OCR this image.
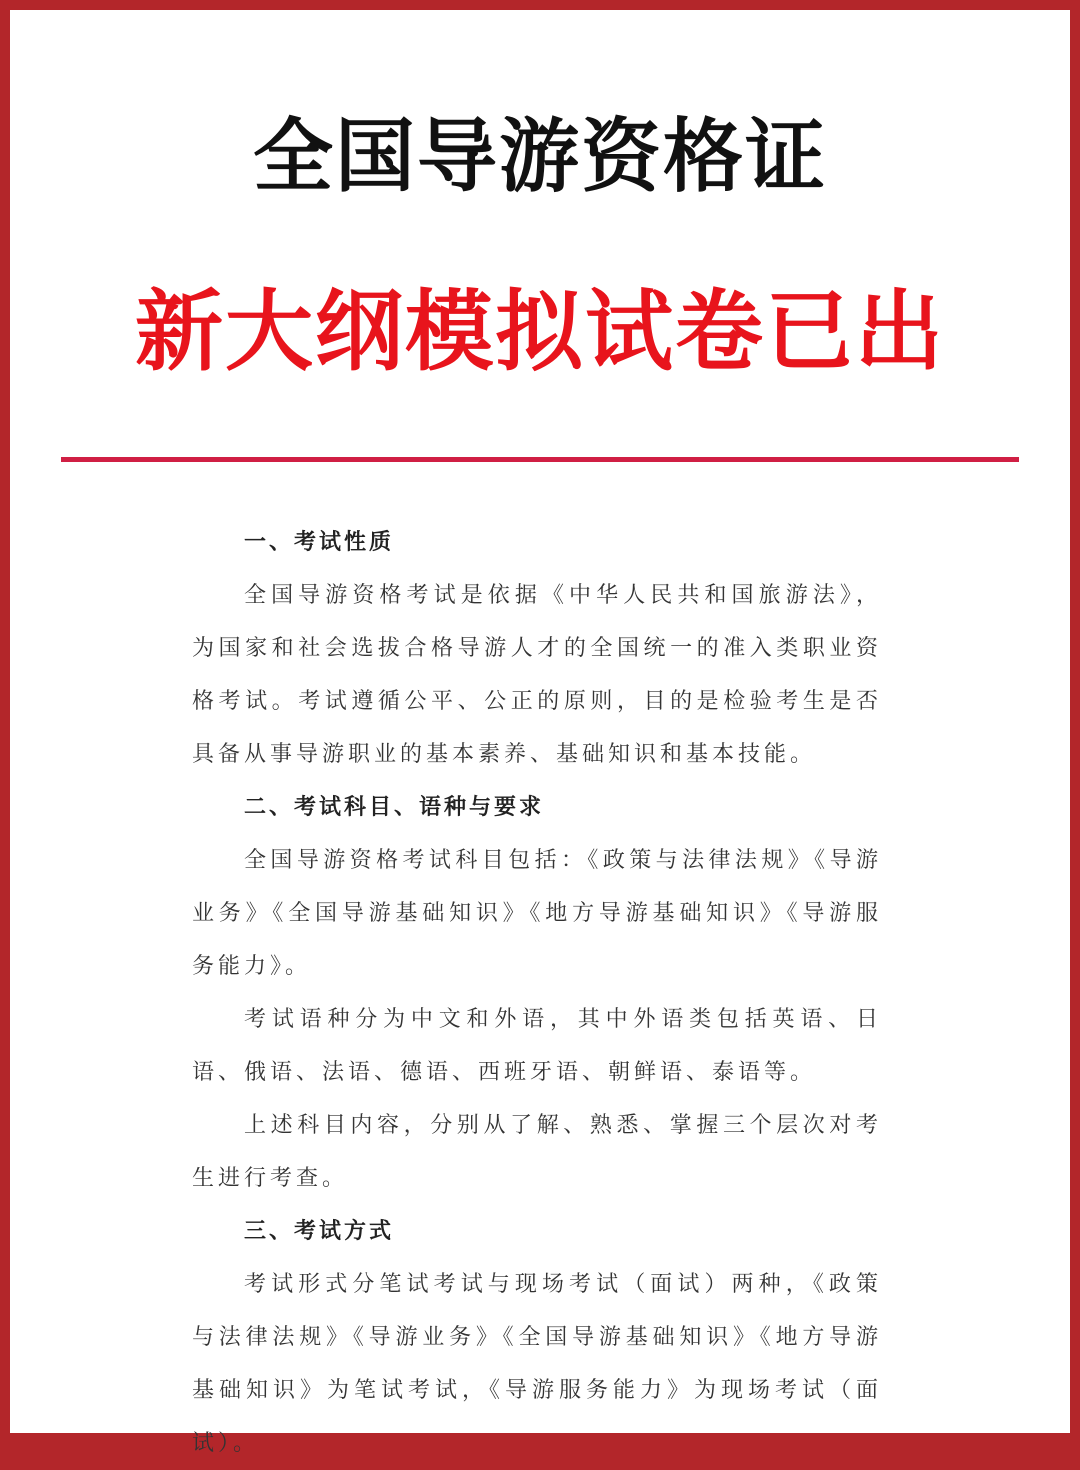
全国导游资格证
新大纲模拟试卷已出
一、考试性质

全国导游资格考试是依据《中华人民共和国旅游法》，为国家和社会选拔合格导游人才的全国统一的准入类职业资格考试。考试遵循公平、公正的原则，目的是检验考生是否具备从事导游职业的基本素养、基础知识和基本技能。

二、考试科目、语种与要求

全国导游资格考试科目包括：《政策与法律法规》《导游业务》《全国导游基础知识》《地方导游基础知识》《导游服务能力》。

考试语种分为中文和外语，其中外语类包括英语、日语、俄语、法语、德语、西班牙语、朝鲜语、泰语等。

上述科目内容，分别从了解、熟悉、掌握三个层次对考生进行考查。

三、考试方式

考试形式分笔试考试与现场考试（面试）两种，《政策与法律法规》《导游业务》《全国导游基础知识》《地方导游基础知识》为笔试考试，《导游服务能力》为现场考试（面试）。
